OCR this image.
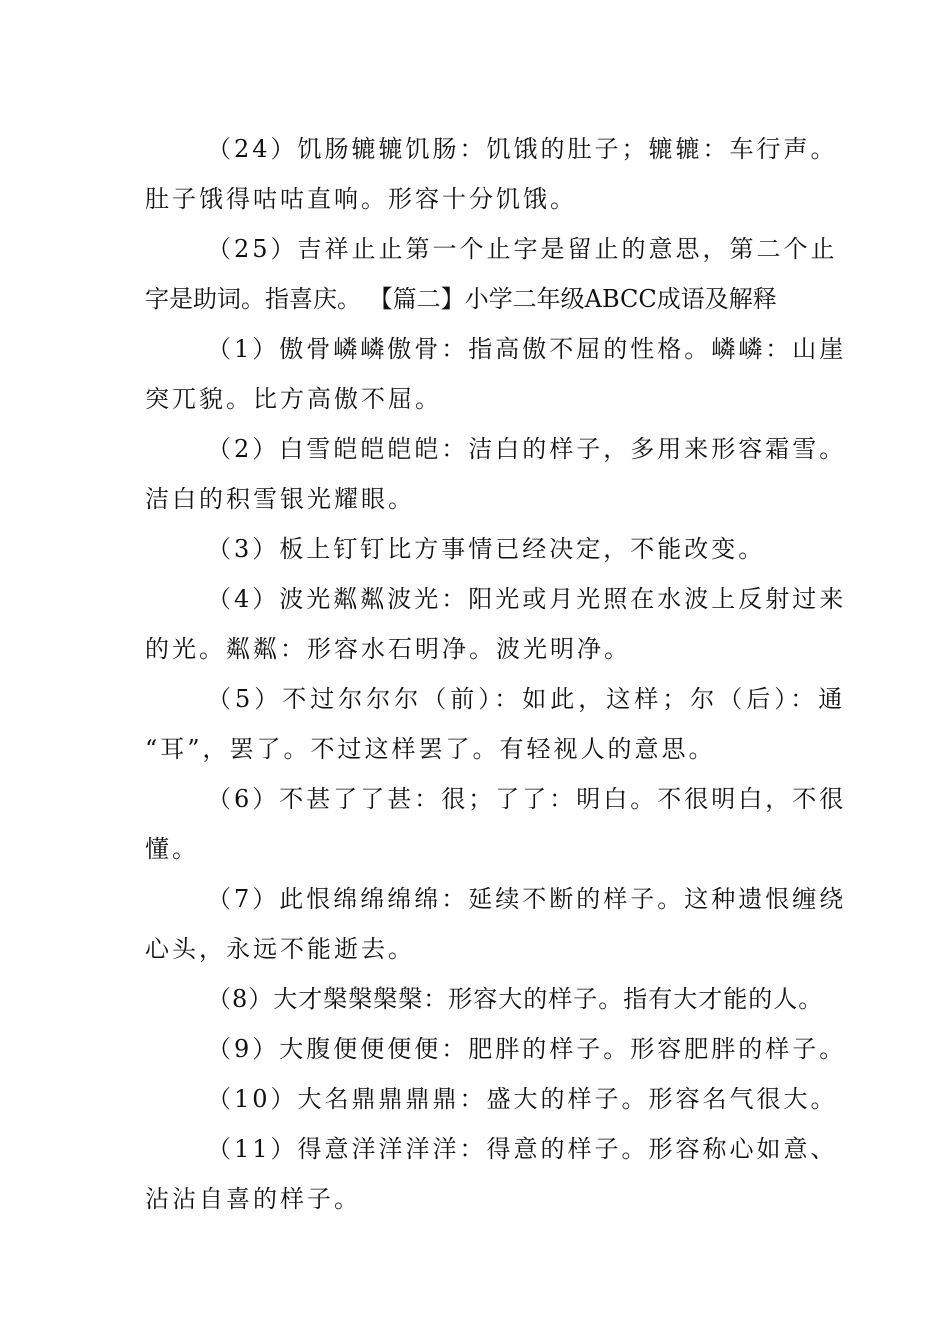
（24）饥肠辘辘饥肠：饥饿的肚子；辘辘：车行声。
肚子饿得咕咕直响。形容十分饥饿。
（25）吉祥止止第一个止字是留止的意思，第二个止
字是助词。指喜庆。 【篇二】小学二年级ABCC成语及解释
（1）傲骨嶙嶙傲骨：指高傲不屈的性格。嶙嶙：山崖
突兀貌。比方高傲不屈。
（2）白雪皑皑皑皑：洁白的样子，多用来形容霜雪。
洁白的积雪银光耀眼。
（3）板上钉钉比方事情已经决定，不能改变。
（4）波光粼粼波光：阳光或月光照在水波上反射过来
的光。粼粼：形容水石明净。波光明净。
（5）不过尔尔尔（前）：如此，这样；尔（后）：通
“耳”，罢了。不过这样罢了。有轻视人的意思。
（6）不甚了了甚：很；了了：明白。不很明白，不很
懂。
（7）此恨绵绵绵绵：延续不断的样子。这种遗恨缠绕
心头，永远不能逝去。
（8）大才槃槃槃槃：形容大的样子。指有大才能的人。
（9）大腹便便便便：肥胖的样子。形容肥胖的样子。
（10）大名鼎鼎鼎鼎：盛大的样子。形容名气很大。
（11）得意洋洋洋洋：得意的样子。形容称心如意、
沾沾自喜的样子。
